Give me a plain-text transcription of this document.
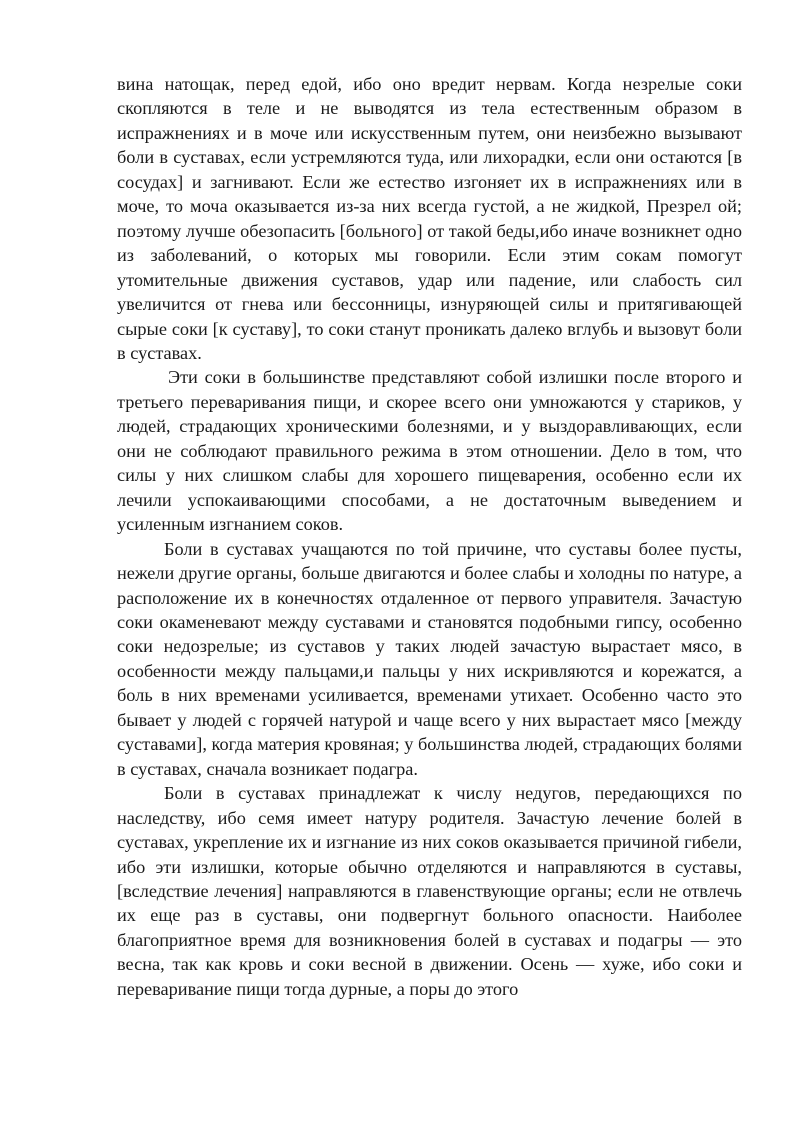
вина натощак, перед едой, ибо оно вредит нервам. Когда незрелые соки скопляются в теле и не выводятся из тела естественным образом в испражнениях и в моче или искусственным путем, они неизбежно вызывают боли в суставах, если устремляются туда, или лихорадки, если они остаются [в сосудах] и загнивают. Если же естество изгоняет их в испражнениях или в моче, то моча оказывается из-за них всегда густой, а не жидкой, Презрел ой; поэтому лучше обезопасить [больного] от такой беды,ибо иначе возникнет одно из заболеваний, о которых мы говорили. Если этим сокам помогут утомительные движения суставов, удар или падение, или слабость сил увеличится от гнева или бессонницы, изнуряющей силы и притягивающей сырые соки [к суставу], то соки станут проникать далеко вглубь и вызовут боли в суставах.

Эти соки в большинстве представляют собой излишки после второго и третьего переваривания пищи, и скорее всего они умножаются у стариков, у людей, страдающих хроническими болезнями, и у выздоравливающих, если они не соблюдают правильного режима в этом отношении. Дело в том, что силы у них слишком слабы для хорошего пищеварения, особенно если их лечили успокаивающими способами, а не достаточным выведением и усиленным изгнанием соков.

Боли в суставах учащаются по той причине, что суставы более пусты, нежели другие органы, больше двигаются и более слабы и холодны по натуре, а расположение их в конечностях отдаленное от первого управителя. Зачастую соки окаменевают между суставами и становятся подобными гипсу, особенно соки недозрелые; из суставов у таких людей зачастую вырастает мясо, в особенности между пальцами,и пальцы у них искривляются и корежатся, а боль в них временами усиливается, временами утихает. Особенно часто это бывает у людей с горячей натурой и чаще всего у них вырастает мясо [между суставами], когда материя кровяная; у большинства людей, страдающих болями в суставах, сначала возникает подагра.

Боли в суставах принадлежат к числу недугов, передающихся по наследству, ибо семя имеет натуру родителя. Зачастую лечение болей в суставах, укрепление их и изгнание из них соков оказывается причиной гибели, ибо эти излишки, которые обычно отделяются и направляются в суставы, [вследствие лечения] направляются в главенствующие органы; если не отвлечь их еще раз в суставы, они подвергнут больного опасности. Наиболее благоприятное время для возникновения болей в суставах и подагры — это весна, так как кровь и соки весной в движении. Осень — хуже, ибо соки и переваривание пищи тогда дурные, а поры до этого
